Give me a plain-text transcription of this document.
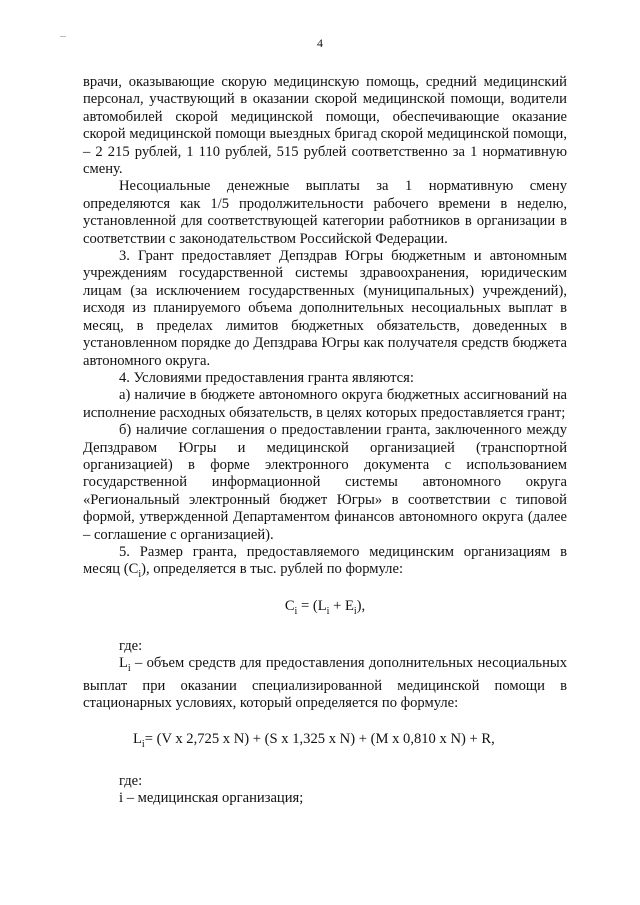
4

врачи, оказывающие скорую медицинскую помощь, средний медицинский персонал, участвующий в оказании скорой медицинской помощи, водители автомобилей скорой медицинской помощи, обеспечивающие оказание скорой медицинской помощи выездных бригад скорой медицинской помощи, – 2 215 рублей, 1 110 рублей, 515 рублей соответственно за 1 нормативную смену.

Несоциальные денежные выплаты за 1 нормативную смену определяются как 1/5 продолжительности рабочего времени в неделю, установленной для соответствующей категории работников в организации в соответствии с законодательством Российской Федерации.

3. Грант предоставляет Депздрав Югры бюджетным и автономным учреждениям государственной системы здравоохранения, юридическим лицам (за исключением государственных (муниципальных) учреждений), исходя из планируемого объема дополнительных несоциальных выплат в месяц, в пределах лимитов бюджетных обязательств, доведенных в установленном порядке до Депздрава Югры как получателя средств бюджета автономного округа.

4. Условиями предоставления гранта являются:

а) наличие в бюджете автономного округа бюджетных ассигнований на исполнение расходных обязательств, в целях которых предоставляется грант;

б) наличие соглашения о предоставлении гранта, заключенного между Депздравом Югры и медицинской организацией (транспортной организацией) в форме электронного документа с использованием государственной информационной системы автономного округа «Региональный электронный бюджет Югры» в соответствии с типовой формой, утвержденной Департаментом финансов автономного округа (далее – соглашение с организацией).

5. Размер гранта, предоставляемого медицинским организациям в месяц $(C_i)$, определяется в тыс. рублей по формуле:

$C_i = (L_i + E_i)$,

где:

$L_i$ – объем средств для предоставления дополнительных несоциальных выплат при оказании специализированной медицинской помощи в стационарных условиях, который определяется по формуле:

$L_i= (V$ x 2,725 x N) + (S x 1,325 x N) + (M x 0,810 x N) + R,

где:

i – медицинская организация;
